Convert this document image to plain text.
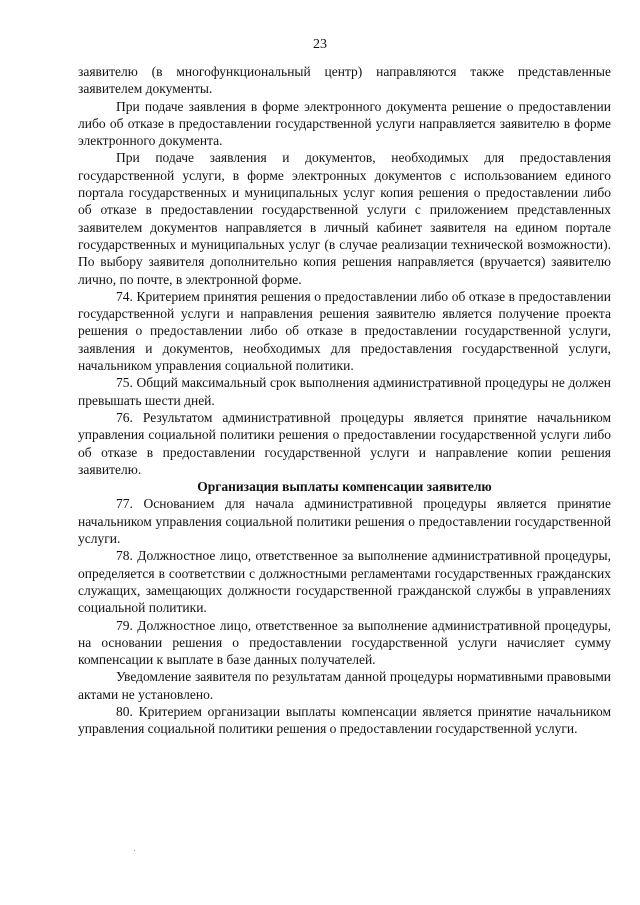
23

заявителю (в многофункциональный центр) направляются также представленные заявителем документы.

При подаче заявления в форме электронного документа решение о предоставлении либо об отказе в предоставлении государственной услуги направляется заявителю в форме электронного документа.

При подаче заявления и документов, необходимых для предоставления государственной услуги, в форме электронных документов с использованием единого портала государственных и муниципальных услуг копия решения о предоставлении либо об отказе в предоставлении государственной услуги с приложением представленных заявителем документов направляется в личный кабинет заявителя на едином портале государственных и муниципальных услуг (в случае реализации технической возможности). По выбору заявителя дополнительно копия решения направляется (вручается) заявителю лично, по почте, в электронной форме.

74. Критерием принятия решения о предоставлении либо об отказе в предоставлении государственной услуги и направления решения заявителю является получение проекта решения о предоставлении либо об отказе в предоставлении государственной услуги, заявления и документов, необходимых для предоставления государственной услуги, начальником управления социальной политики.

75. Общий максимальный срок выполнения административной процедуры не должен превышать шести дней.

76. Результатом административной процедуры является принятие начальником управления социальной политики решения о предоставлении государственной услуги либо об отказе в предоставлении государственной услуги и направление копии решения заявителю.

Организация выплаты компенсации заявителю

77. Основанием для начала административной процедуры является принятие начальником управления социальной политики решения о предоставлении государственной услуги.

78. Должностное лицо, ответственное за выполнение административной процедуры, определяется в соответствии с должностными регламентами государственных гражданских служащих, замещающих должности государственной гражданской службы в управлениях социальной политики.

79. Должностное лицо, ответственное за выполнение административной процедуры, на основании решения о предоставлении государственной услуги начисляет сумму компенсации к выплате в базе данных получателей.

Уведомление заявителя по результатам данной процедуры нормативными правовыми актами не установлено.

80. Критерием организации выплаты компенсации является принятие начальником управления социальной политики решения о предоставлении государственной услуги.
